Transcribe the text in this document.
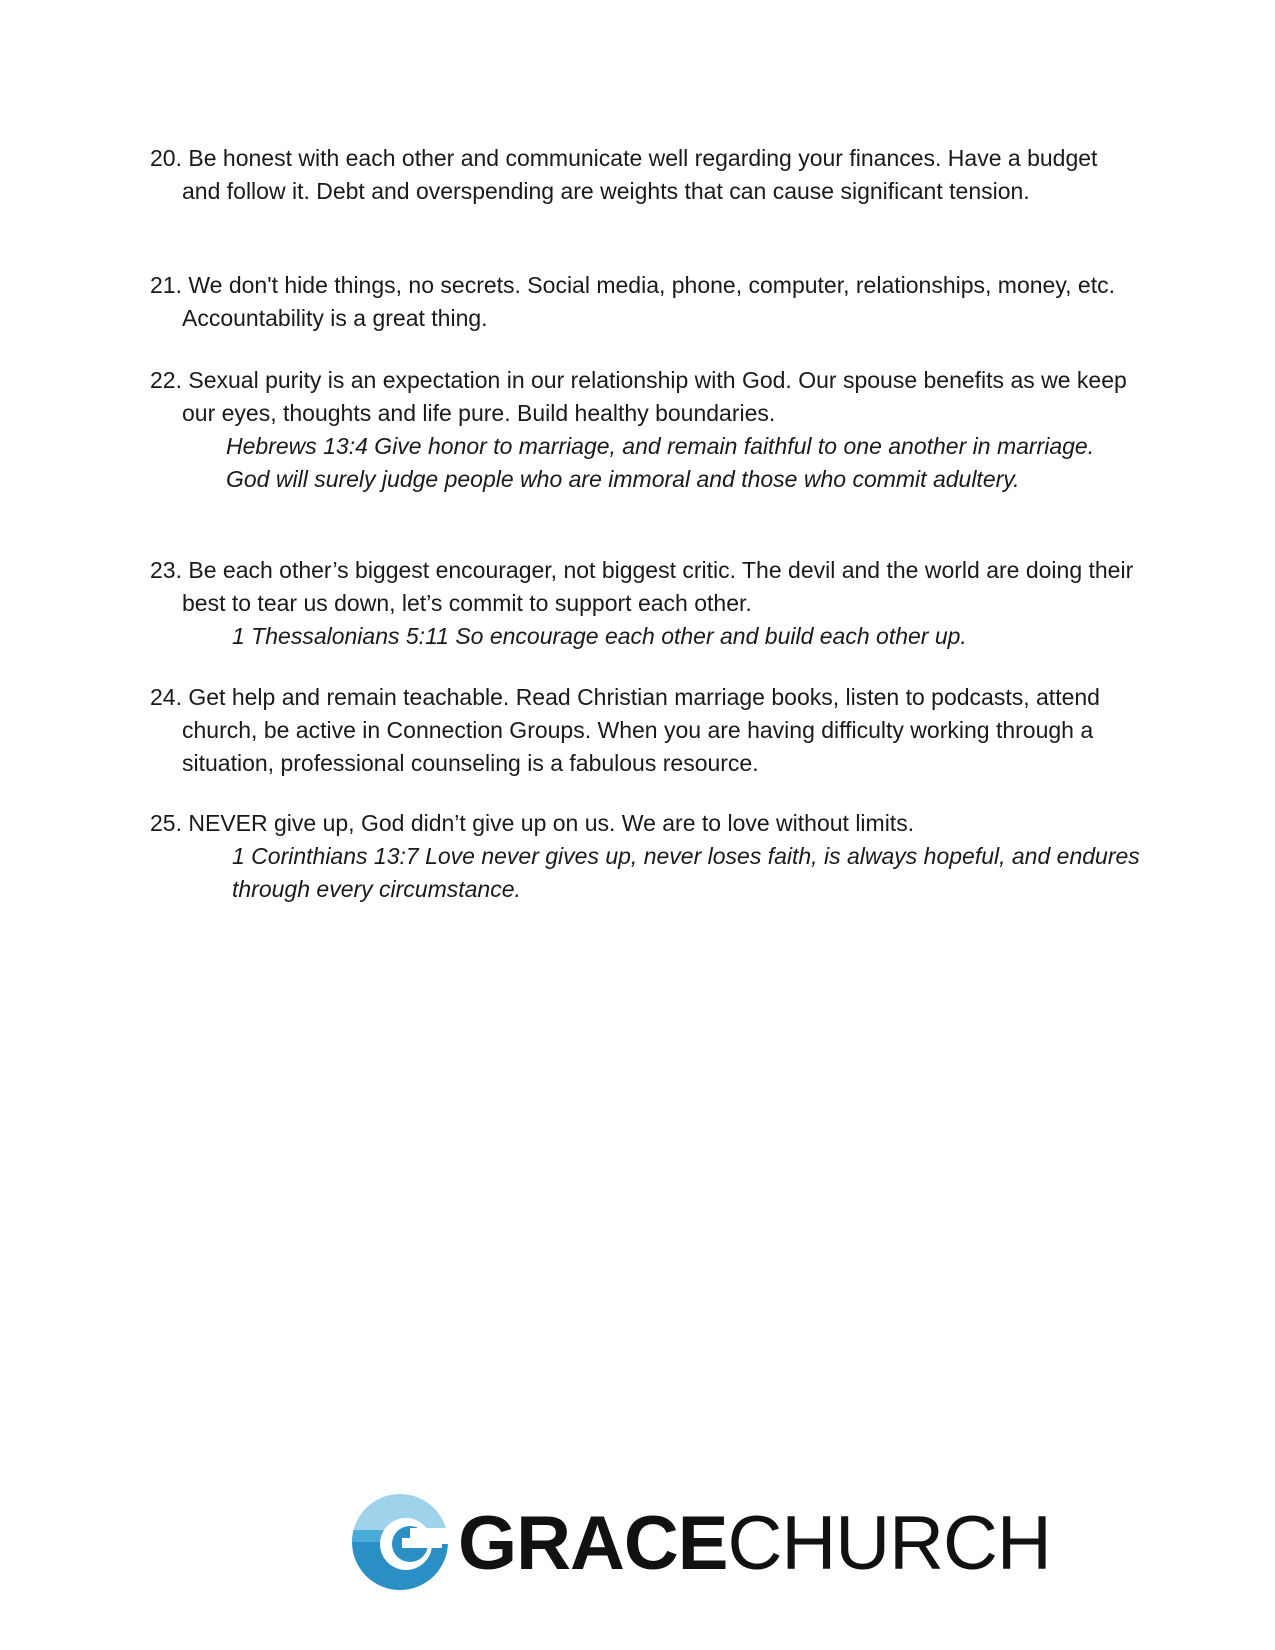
20. Be honest with each other and communicate well regarding your finances. Have a budget and follow it. Debt and overspending are weights that can cause significant tension.
21. We don't hide things, no secrets. Social media, phone, computer, relationships, money, etc. Accountability is a great thing.
22. Sexual purity is an expectation in our relationship with God. Our spouse benefits as we keep our eyes, thoughts and life pure. Build healthy boundaries.
Hebrews 13:4 Give honor to marriage, and remain faithful to one another in marriage. God will surely judge people who are immoral and those who commit adultery.
23. Be each other’s biggest encourager, not biggest critic. The devil and the world are doing their best to tear us down, let’s commit to support each other.
1 Thessalonians 5:11 So encourage each other and build each other up.
24. Get help and remain teachable. Read Christian marriage books, listen to podcasts, attend church, be active in Connection Groups. When you are having difficulty working through a situation, professional counseling is a fabulous resource.
25. NEVER give up, God didn’t give up on us. We are to love without limits.
1 Corinthians 13:7 Love never gives up, never loses faith, is always hopeful, and endures through every circumstance.
GRACECHURCH
